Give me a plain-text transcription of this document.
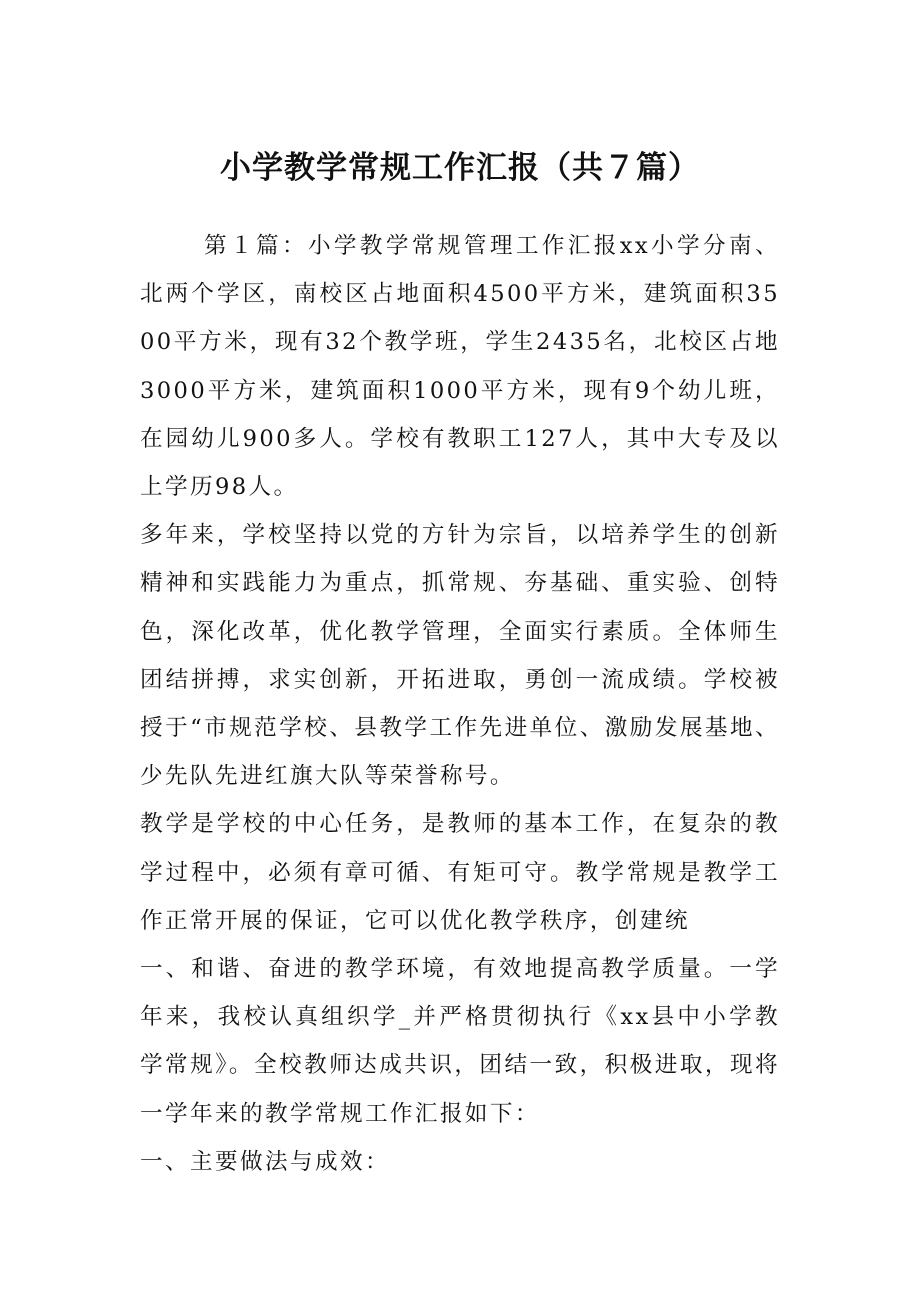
小学教学常规工作汇报（共７篇）

第１篇：小学教学常规管理工作汇报xx小学分南、北两个学区，南校区占地面积4500平方米，建筑面积3500平方米，现有32个教学班，学生2435名，北校区占地3000平方米，建筑面积1000平方米，现有9个幼儿班，在园幼儿900多人。学校有教职工127人，其中大专及以上学历98人。

多年来，学校坚持以党的方针为宗旨，以培养学生的创新精神和实践能力为重点，抓常规、夯基础、重实验、创特色，深化改革，优化教学管理，全面实行素质。全体师生团结拼搏，求实创新，开拓进取，勇创一流成绩。学校被授于“市规范学校、县教学工作先进单位、激励发展基地、少先队先进红旗大队等荣誉称号。

教学是学校的中心任务，是教师的基本工作，在复杂的教学过程中，必须有章可循、有矩可守。教学常规是教学工作正常开展的保证，它可以优化教学秩序，创建统

一、和谐、奋进的教学环境，有效地提高教学质量。一学年来，我校认真组织学_并严格贯彻执行《xx县中小学教学常规》。全校教师达成共识，团结一致，积极进取，现将一学年来的教学常规工作汇报如下：

一、主要做法与成效：
